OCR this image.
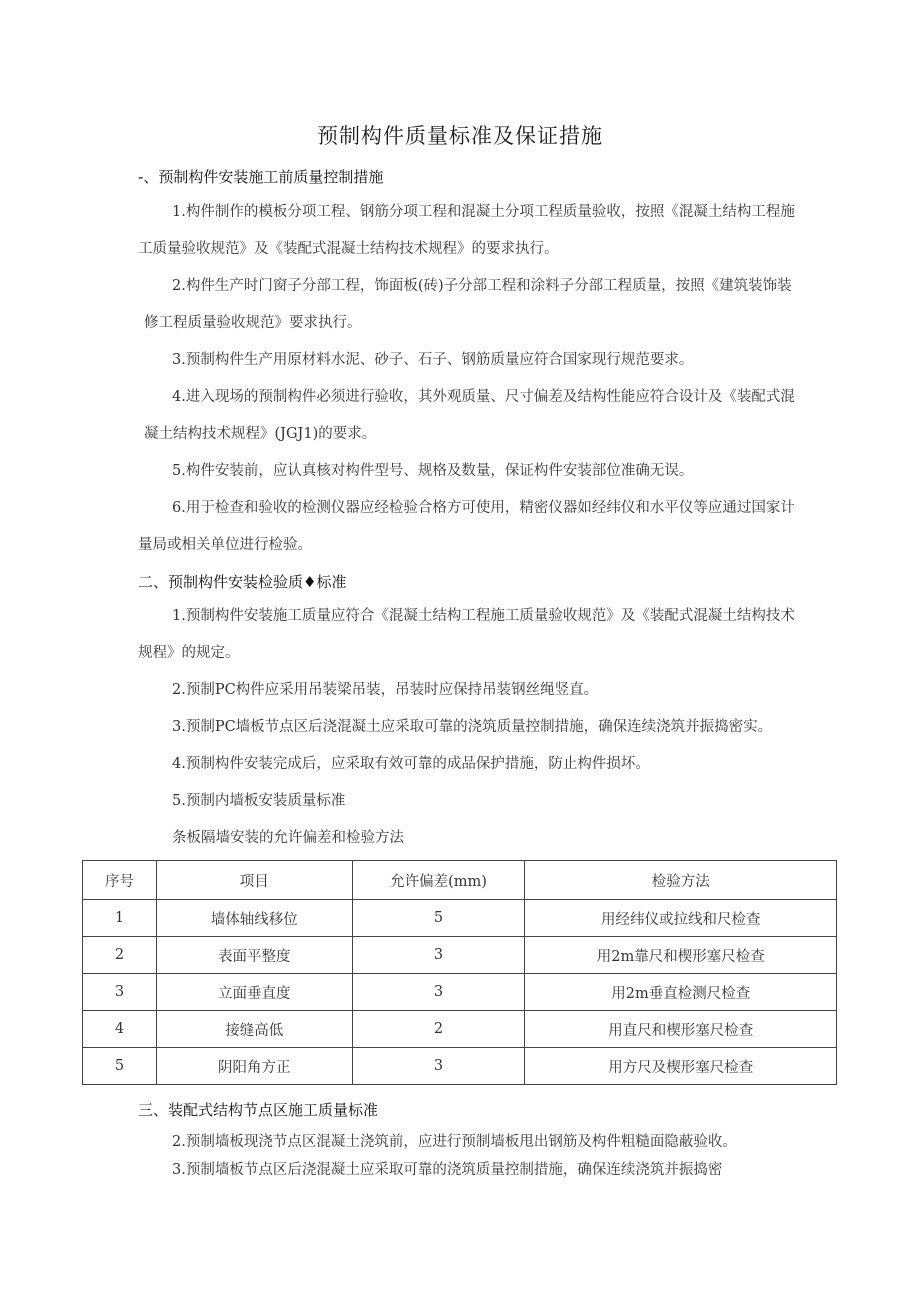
预制构件质量标准及保证措施
-、预制构件安装施工前质量控制措施
1.构件制作的模板分项工程、钢筋分项工程和混凝土分项工程质量验收，按照《混凝土结构工程施
工质量验收规范》及《装配式混凝土结构技术规程》的要求执行。
2.构件生产时门窗子分部工程，饰面板(砖)子分部工程和涂料子分部工程质量，按照《建筑装饰装
修工程质量验收规范》要求执行。
3.预制构件生产用原材料水泥、砂子、石子、钢筋质量应符合国家现行规范要求。
4.进入现场的预制构件必须进行验收，其外观质量、尺寸偏差及结构性能应符合设计及《装配式混
凝土结构技术规程》(JGJ1)的要求。
5.构件安装前，应认真核对构件型号、规格及数量，保证构件安装部位准确无误。
6.用于检查和验收的检测仪器应经检验合格方可使用，精密仪器如经纬仪和水平仪等应通过国家计
量局或相关单位进行检验。
二、预制构件安装检验质♦标准
1.预制构件安装施工质量应符合《混凝土结构工程施工质量验收规范》及《装配式混凝土结构技术
规程》的规定。
2.预制PC构件应采用吊装梁吊装，吊装时应保持吊装钢丝绳竖直。
3.预制PC墙板节点区后浇混凝土应采取可靠的浇筑质量控制措施，确保连续浇筑并振捣密实。
4.预制构件安装完成后，应采取有效可靠的成品保护措施，防止构件损坏。
5.预制内墙板安装质量标准
条板隔墙安装的允许偏差和检验方法
序号	项目	允许偏差(mm)	检验方法
1	墙体轴线移位	5	用经纬仪或拉线和尺检查
2	表面平整度	3	用2m靠尺和楔形塞尺检查
3	立面垂直度	3	用2m垂直检测尺检查
4	接缝高低	2	用直尺和楔形塞尺检查
5	阴阳角方正	3	用方尺及楔形塞尺检查
三、装配式结构节点区施工质量标准
2.预制墙板现浇节点区混凝土浇筑前，应进行预制墙板甩出钢筋及构件粗糙面隐蔽验收。
3.预制墙板节点区后浇混凝土应采取可靠的浇筑质量控制措施，确保连续浇筑并振捣密
